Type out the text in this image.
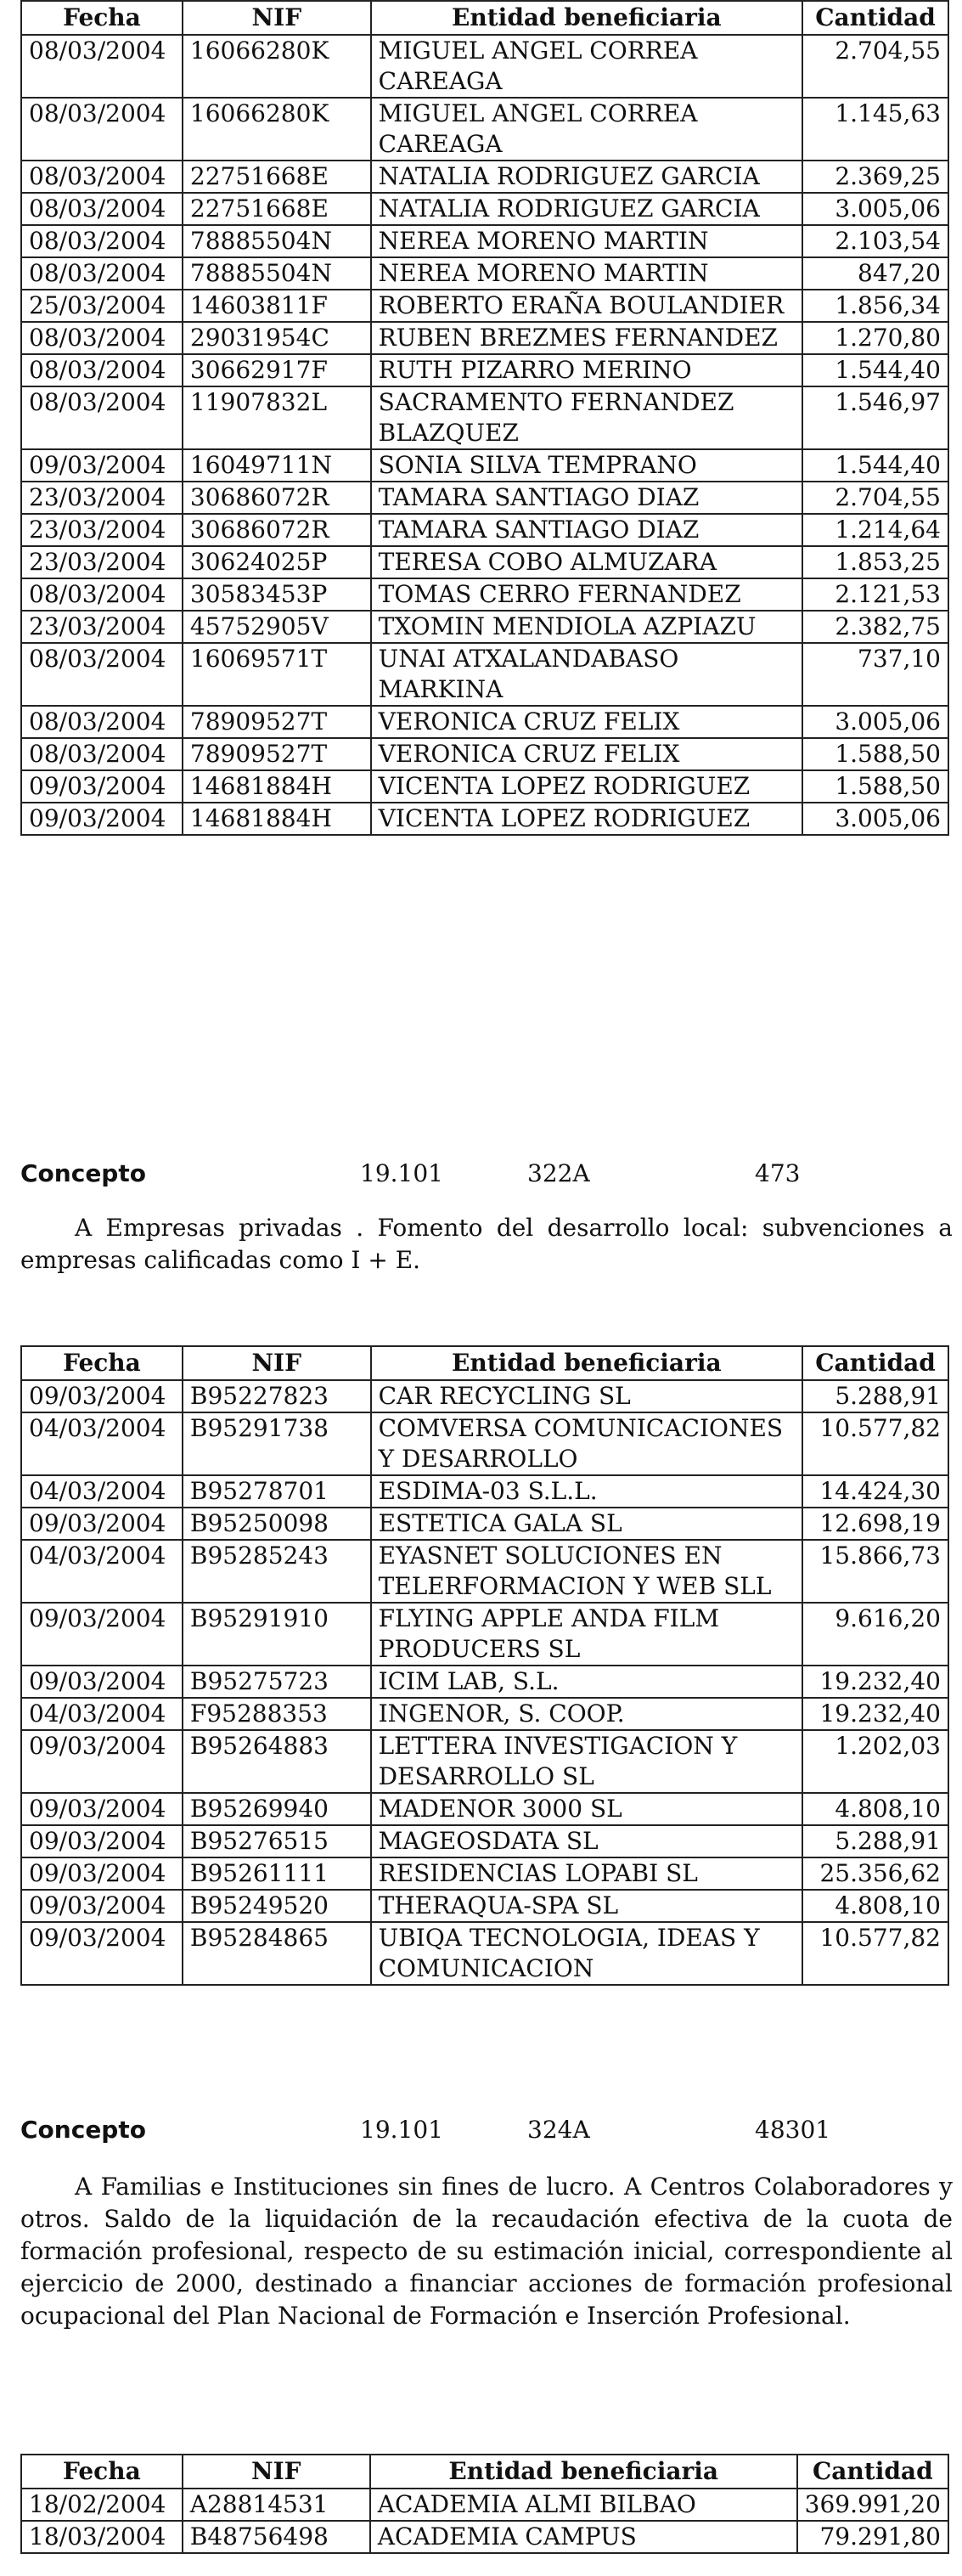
Fecha	NIF	Entidad beneficiaria	Cantidad
08/03/2004	16066280K	MIGUEL ANGEL CORREA CAREAGA	2.704,55
08/03/2004	16066280K	MIGUEL ANGEL CORREA CAREAGA	1.145,63
08/03/2004	22751668E	NATALIA RODRIGUEZ GARCIA	2.369,25
08/03/2004	22751668E	NATALIA RODRIGUEZ GARCIA	3.005,06
08/03/2004	78885504N	NEREA MORENO MARTIN	2.103,54
08/03/2004	78885504N	NEREA MORENO MARTIN	847,20
25/03/2004	14603811F	ROBERTO ERAÑA BOULANDIER	1.856,34
08/03/2004	29031954C	RUBEN BREZMES FERNANDEZ	1.270,80
08/03/2004	30662917F	RUTH PIZARRO MERINO	1.544,40
08/03/2004	11907832L	SACRAMENTO FERNANDEZ BLAZQUEZ	1.546,97
09/03/2004	16049711N	SONIA SILVA TEMPRANO	1.544,40
23/03/2004	30686072R	TAMARA SANTIAGO DIAZ	2.704,55
23/03/2004	30686072R	TAMARA SANTIAGO DIAZ	1.214,64
23/03/2004	30624025P	TERESA COBO ALMUZARA	1.853,25
08/03/2004	30583453P	TOMAS CERRO FERNANDEZ	2.121,53
23/03/2004	45752905V	TXOMIN MENDIOLA AZPIAZU	2.382,75
08/03/2004	16069571T	UNAI ATXALANDABASO MARKINA	737,10
08/03/2004	78909527T	VERONICA CRUZ FELIX	3.005,06
08/03/2004	78909527T	VERONICA CRUZ FELIX	1.588,50
09/03/2004	14681884H	VICENTA LOPEZ RODRIGUEZ	1.588,50
09/03/2004	14681884H	VICENTA LOPEZ RODRIGUEZ	3.005,06
Concepto	19.101	322A	473

A Empresas privadas . Fomento del desarrollo local: subvenciones a empresas calificadas como I + E.

Fecha	NIF	Entidad beneficiaria	Cantidad
09/03/2004	B95227823	CAR RECYCLING SL	5.288,91
04/03/2004	B95291738	COMVERSA COMUNICACIONES Y DESARROLLO	10.577,82
04/03/2004	B95278701	ESDIMA-03 S.L.L.	14.424,30
09/03/2004	B95250098	ESTETICA GALA SL	12.698,19
04/03/2004	B95285243	EYASNET SOLUCIONES EN TELERFORMACION Y WEB SLL	15.866,73
09/03/2004	B95291910	FLYING APPLE ANDA FILM PRODUCERS SL	9.616,20
09/03/2004	B95275723	ICIM LAB, S.L.	19.232,40
04/03/2004	F95288353	INGENOR, S. COOP.	19.232,40
09/03/2004	B95264883	LETTERA INVESTIGACION Y DESARROLLO SL	1.202,03
09/03/2004	B95269940	MADENOR 3000 SL	4.808,10
09/03/2004	B95276515	MAGEOSDATA SL	5.288,91
09/03/2004	B95261111	RESIDENCIAS LOPABI SL	25.356,62
09/03/2004	B95249520	THERAQUA-SPA SL	4.808,10
09/03/2004	B95284865	UBIQA TECNOLOGIA, IDEAS Y COMUNICACION	10.577,82
Concepto	19.101	324A	48301

A Familias e Instituciones sin fines de lucro. A Centros Colaboradores y otros. Saldo de la liquidación de la recaudación efectiva de la cuota de formación profesional, respecto de su estimación inicial, correspondiente al ejercicio de 2000, destinado a financiar acciones de formación profesional ocupacional del Plan Nacional de Formación e Inserción Profesional.

Fecha	NIF	Entidad beneficiaria	Cantidad
18/02/2004	A28814531	ACADEMIA ALMI BILBAO	369.991,20
18/03/2004	B48756498	ACADEMIA CAMPUS	79.291,80
